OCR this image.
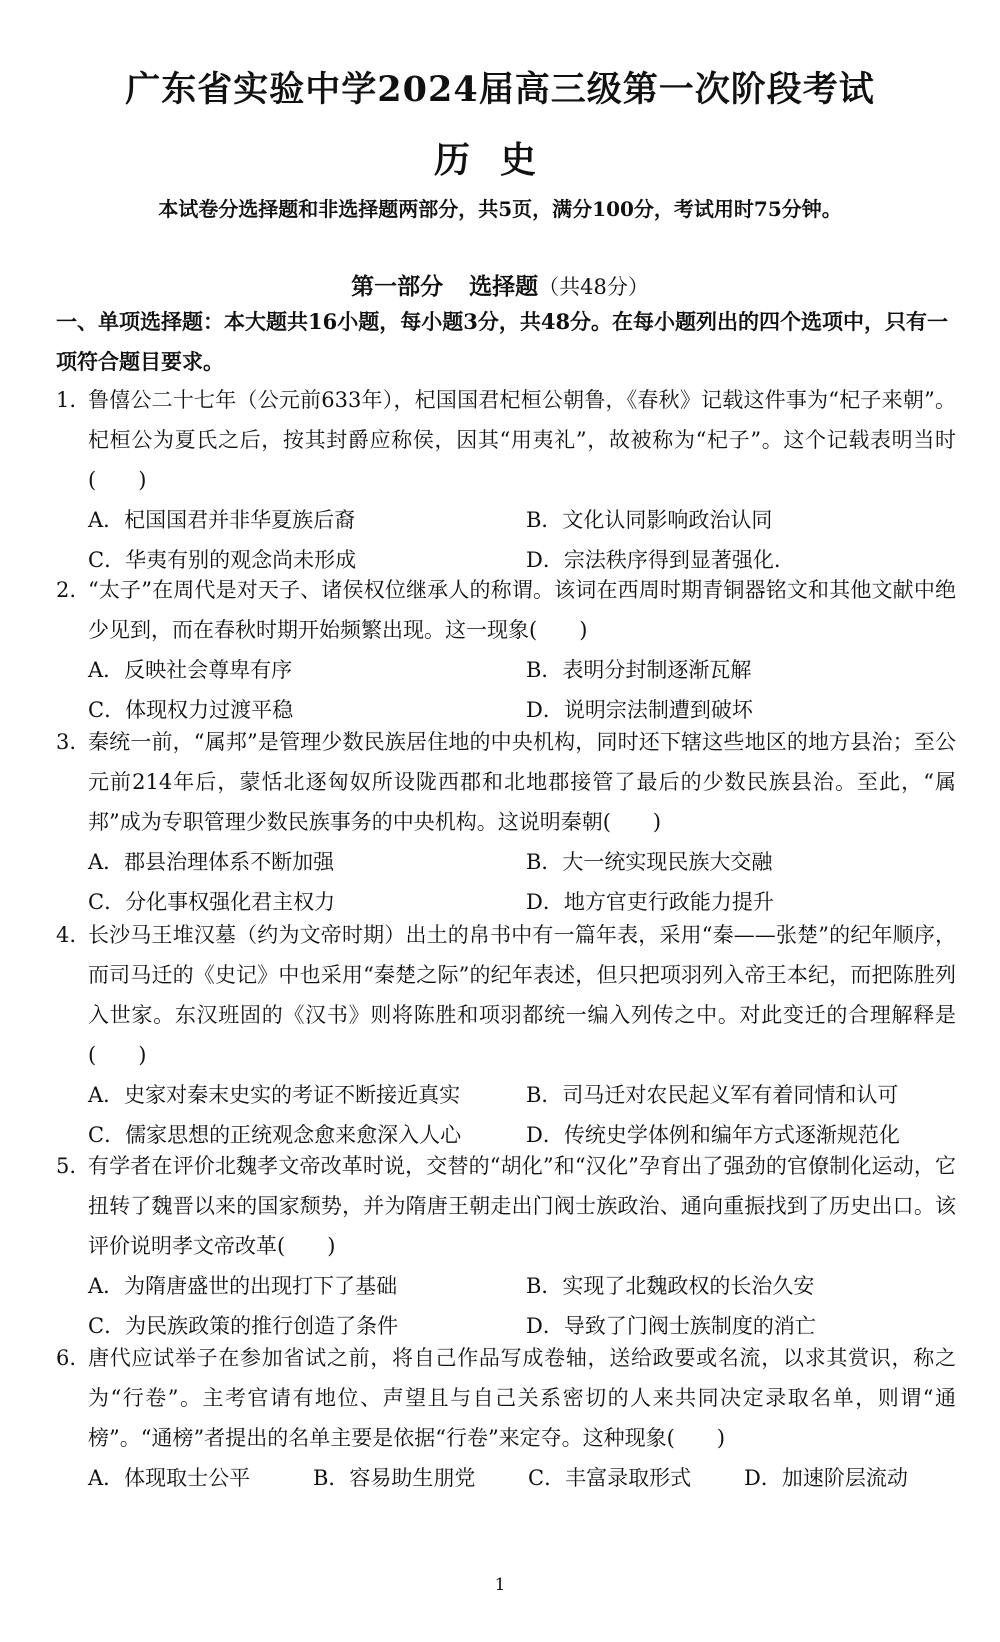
广东省实验中学2024届高三级第一次阶段考试
历史
本试卷分选择题和非选择题两部分，共5页，满分100分，考试用时75分钟。
第一部分 选择题（共48分）
一、单项选择题：本大题共16小题，每小题3分，共48分。在每小题列出的四个选项中，只有一项符合题目要求。
1. 鲁僖公二十七年（公元前633年），杞国国君杞桓公朝鲁，《春秋》记载这件事为“杞子来朝”。杞桓公为夏氏之后，按其封爵应称侯，因其“用夷礼”，故被称为“杞子”。这个记载表明当时(　　)
A．杞国国君并非华夏族后裔	B．文化认同影响政治认同
C．华夷有别的观念尚未形成	D．宗法秩序得到显著强化.
2. “太子”在周代是对天子、诸侯权位继承人的称谓。该词在西周时期青铜器铭文和其他文献中绝少见到，而在春秋时期开始频繁出现。这一现象(　　)
A．反映社会尊卑有序	B．表明分封制逐渐瓦解
C．体现权力过渡平稳	D．说明宗法制遭到破坏
3. 秦统一前，“属邦”是管理少数民族居住地的中央机构，同时还下辖这些地区的地方县治；至公元前214年后，蒙恬北逐匈奴所设陇西郡和北地郡接管了最后的少数民族县治。至此，“属邦”成为专职管理少数民族事务的中央机构。这说明秦朝(　　)
A．郡县治理体系不断加强	B．大一统实现民族大交融
C．分化事权强化君主权力	D．地方官吏行政能力提升
4. 长沙马王堆汉墓（约为文帝时期）出土的帛书中有一篇年表，采用“秦——张楚”的纪年顺序，而司马迁的《史记》中也采用“秦楚之际”的纪年表述，但只把项羽列入帝王本纪，而把陈胜列入世家。东汉班固的《汉书》则将陈胜和项羽都统一编入列传之中。对此变迁的合理解释是(　　)
A．史家对秦末史实的考证不断接近真实	B．司马迁对农民起义军有着同情和认可
C．儒家思想的正统观念愈来愈深入人心	D．传统史学体例和编年方式逐渐规范化
5. 有学者在评价北魏孝文帝改革时说，交替的“胡化”和“汉化”孕育出了强劲的官僚制化运动，它扭转了魏晋以来的国家颓势，并为隋唐王朝走出门阀士族政治、通向重振找到了历史出口。该评价说明孝文帝改革(　　)
A．为隋唐盛世的出现打下了基础	B．实现了北魏政权的长治久安
C．为民族政策的推行创造了条件	D．导致了门阀士族制度的消亡
6. 唐代应试举子在参加省试之前，将自己作品写成卷轴，送给政要或名流，以求其赏识，称之为“行卷”。主考官请有地位、声望且与自己关系密切的人来共同决定录取名单，则谓“通榜”。“通榜”者提出的名单主要是依据“行卷”来定夺。这种现象(　　)
A．体现取士公平	B．容易助生朋党	C．丰富录取形式	D．加速阶层流动
1
